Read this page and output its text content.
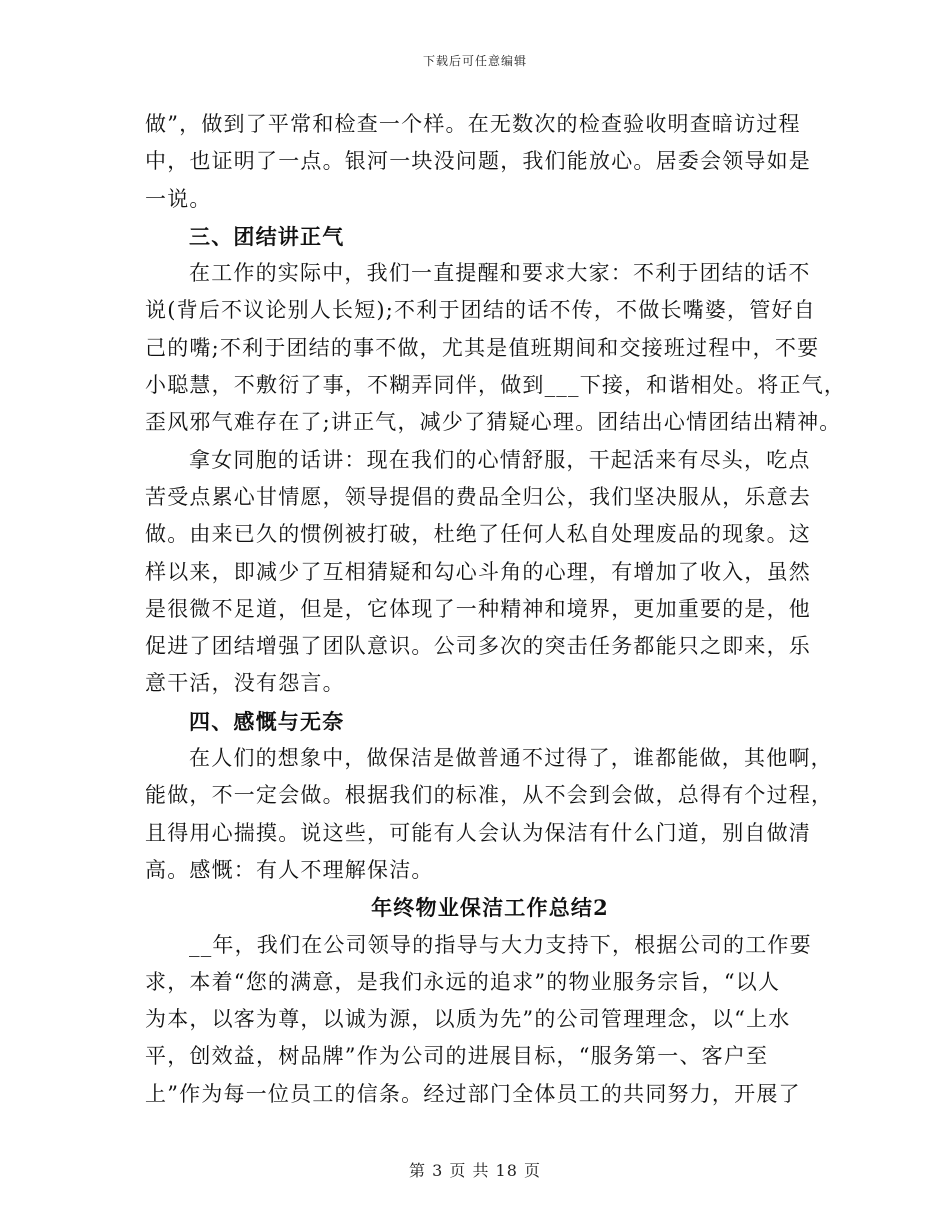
下载后可任意编辑
做”，做到了平常和检查一个样。在无数次的检查验收明查暗访过程
中，也证明了一点。银河一块没问题，我们能放心。居委会领导如是
一说。
三、团结讲正气
在工作的实际中，我们一直提醒和要求大家：不利于团结的话不
说(背后不议论别人长短);不利于团结的话不传，不做长嘴婆，管好自
己的嘴;不利于团结的事不做，尤其是值班期间和交接班过程中，不要
小聪慧，不敷衍了事，不糊弄同伴，做到___下接，和谐相处。将正气，
歪风邪气难存在了;讲正气，减少了猜疑心理。团结出心情团结出精神。
拿女同胞的话讲：现在我们的心情舒服，干起活来有尽头，吃点
苦受点累心甘情愿，领导提倡的费品全归公，我们坚决服从，乐意去
做。由来已久的惯例被打破，杜绝了任何人私自处理废品的现象。这
样以来，即减少了互相猜疑和勾心斗角的心理，有增加了收入，虽然
是很微不足道，但是，它体现了一种精神和境界，更加重要的是，他
促进了团结增强了团队意识。公司多次的突击任务都能只之即来，乐
意干活，没有怨言。
四、感慨与无奈
在人们的想象中，做保洁是做普通不过得了，谁都能做，其他啊，
能做，不一定会做。根据我们的标准，从不会到会做，总得有个过程，
且得用心揣摸。说这些，可能有人会认为保洁有什么门道，别自做清
高。感慨：有人不理解保洁。
年终物业保洁工作总结2
__年，我们在公司领导的指导与大力支持下，根据公司的工作要
求，本着“您的满意，是我们永远的追求”的物业服务宗旨，“以人
为本，以客为尊，以诚为源，以质为先”的公司管理理念，以“上水
平，创效益，树品牌”作为公司的进展目标，“服务第一、客户至
上”作为每一位员工的信条。经过部门全体员工的共同努力，开展了
第 3 页 共 18 页
